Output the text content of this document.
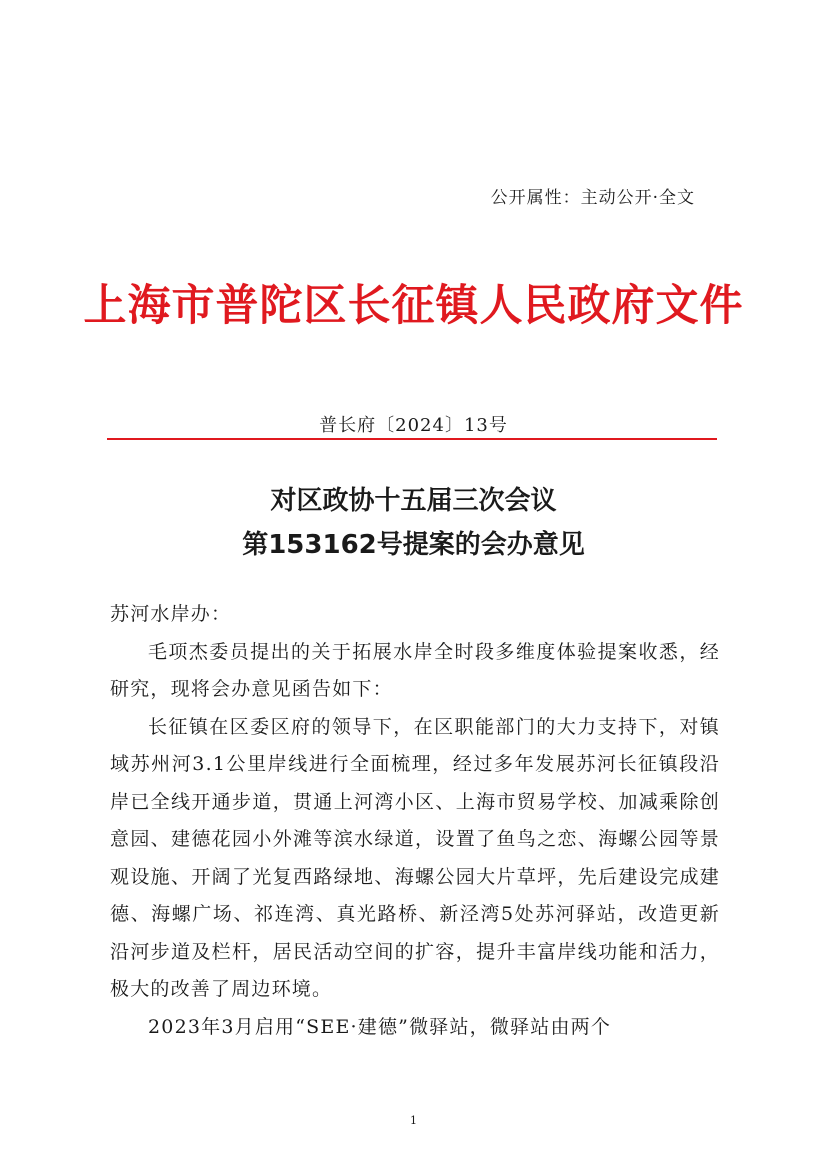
公开属性：主动公开·全文
上海市普陀区长征镇人民政府文件
普长府〔2024〕13号
对区政协十五届三次会议
第153162号提案的会办意见

苏河水岸办：

毛项杰委员提出的关于拓展水岸全时段多维度体验提案收悉，经研究，现将会办意见函告如下：

长征镇在区委区府的领导下，在区职能部门的大力支持下，对镇域苏州河3.1公里岸线进行全面梳理，经过多年发展苏河长征镇段沿岸已全线开通步道，贯通上河湾小区、上海市贸易学校、加减乘除创意园、建德花园小外滩等滨水绿道，设置了鱼鸟之恋、海螺公园等景观设施、开阔了光复西路绿地、海螺公园大片草坪，先后建设完成建德、海螺广场、祁连湾、真光路桥、新泾湾5处苏河驿站，改造更新沿河步道及栏杆，居民活动空间的扩容，提升丰富岸线功能和活力，极大的改善了周边环境。

2023年3月启用“SEE·建德”微驿站，微驿站由两个

1
